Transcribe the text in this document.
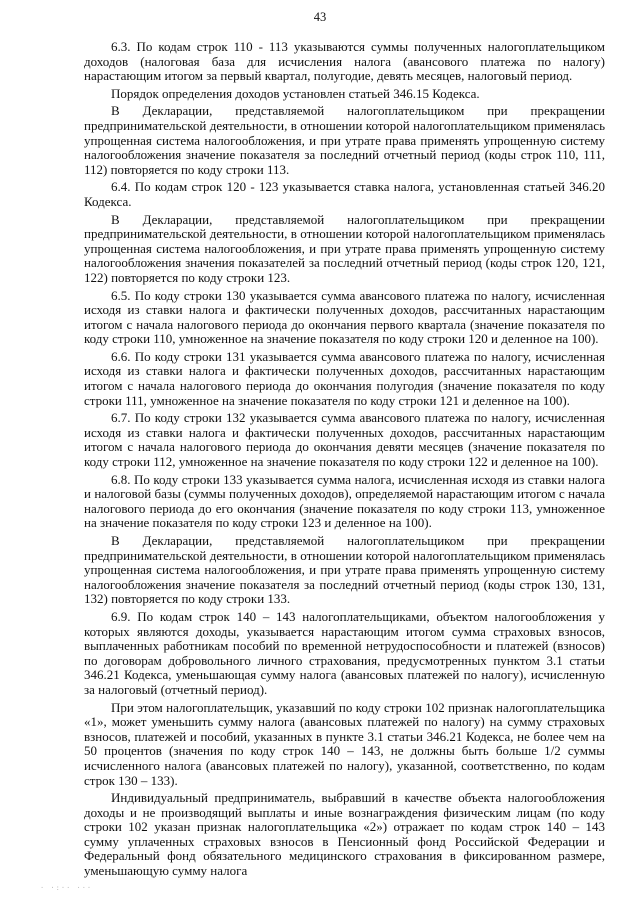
43

6.3. По кодам строк 110 - 113 указываются суммы полученных налогоплательщиком доходов (налоговая база для исчисления налога (авансового платежа по налогу) нарастающим итогом за первый квартал, полугодие, девять месяцев, налоговый период.

Порядок определения доходов установлен статьей 346.15 Кодекса.

В Декларации, представляемой налогоплательщиком при прекращении предпринимательской деятельности, в отношении которой налогоплательщиком применялась упрощенная система налогообложения, и при утрате права применять упрощенную систему налогообложения значение показателя за последний отчетный период (коды строк 110, 111, 112) повторяется по коду строки 113.

6.4. По кодам строк 120 - 123 указывается ставка налога, установленная статьей 346.20 Кодекса.

В Декларации, представляемой налогоплательщиком при прекращении предпринимательской деятельности, в отношении которой налогоплательщиком применялась упрощенная система налогообложения, и при утрате права применять упрощенную систему налогообложения значения показателей за последний отчетный период (коды строк 120, 121, 122) повторяется по коду строки 123.

6.5. По коду строки 130 указывается сумма авансового платежа по налогу, исчисленная исходя из ставки налога и фактически полученных доходов, рассчитанных нарастающим итогом с начала налогового периода до окончания первого квартала (значение показателя по коду строки 110, умноженное на значение показателя по коду строки 120 и деленное на 100).

6.6. По коду строки 131 указывается сумма авансового платежа по налогу, исчисленная исходя из ставки налога и фактически полученных доходов, рассчитанных нарастающим итогом с начала налогового периода до окончания полугодия (значение показателя по коду строки 111, умноженное на значение показателя по коду строки 121 и деленное на 100).

6.7. По коду строки 132 указывается сумма авансового платежа по налогу, исчисленная исходя из ставки налога и фактически полученных доходов, рассчитанных нарастающим итогом с начала налогового периода до окончания девяти месяцев (значение показателя по коду строки 112, умноженное на значение показателя по коду строки 122 и деленное на 100).

6.8. По коду строки 133 указывается сумма налога, исчисленная исходя из ставки налога и налоговой базы (суммы полученных доходов), определяемой нарастающим итогом с начала налогового периода до его окончания (значение показателя по коду строки 113, умноженное на значение показателя по коду строки 123 и деленное на 100).

В Декларации, представляемой налогоплательщиком при прекращении предпринимательской деятельности, в отношении которой налогоплательщиком применялась упрощенная система налогообложения, и при утрате права применять упрощенную систему налогообложения значение показателя за последний отчетный период (коды строк 130, 131, 132) повторяется по коду строки 133.

6.9. По кодам строк 140 – 143 налогоплательщиками, объектом налогообложения у которых являются доходы, указывается нарастающим итогом сумма страховых взносов, выплаченных работникам пособий по временной нетрудоспособности и платежей (взносов) по договорам добровольного личного страхования, предусмотренных пунктом 3.1 статьи 346.21 Кодекса, уменьшающая сумму налога (авансовых платежей по налогу), исчисленную за налоговый (отчетный период).

При этом налогоплательщик, указавший по коду строки 102 признак налогоплательщика «1», может уменьшить сумму налога (авансовых платежей по налогу) на сумму страховых взносов, платежей и пособий, указанных в пункте 3.1 статьи 346.21 Кодекса, не более чем на 50 процентов (значения по коду строк 140 – 143, не должны быть больше 1/2 суммы исчисленного налога (авансовых платежей по налогу), указанной, соответственно, по кодам строк 130 – 133).

Индивидуальный предприниматель, выбравший в качестве объекта налогообложения доходы и не производящий выплаты и иные вознаграждения физическим лицам (по коду строки 102 указан признак налогоплательщика «2») отражает по кодам строк 140 – 143 сумму уплаченных страховых взносов в Пенсионный фонд Российской Федерации и Федеральный фонд обязательного медицинского страхования в фиксированном размере, уменьшающую сумму налога

· ·:·· ···
